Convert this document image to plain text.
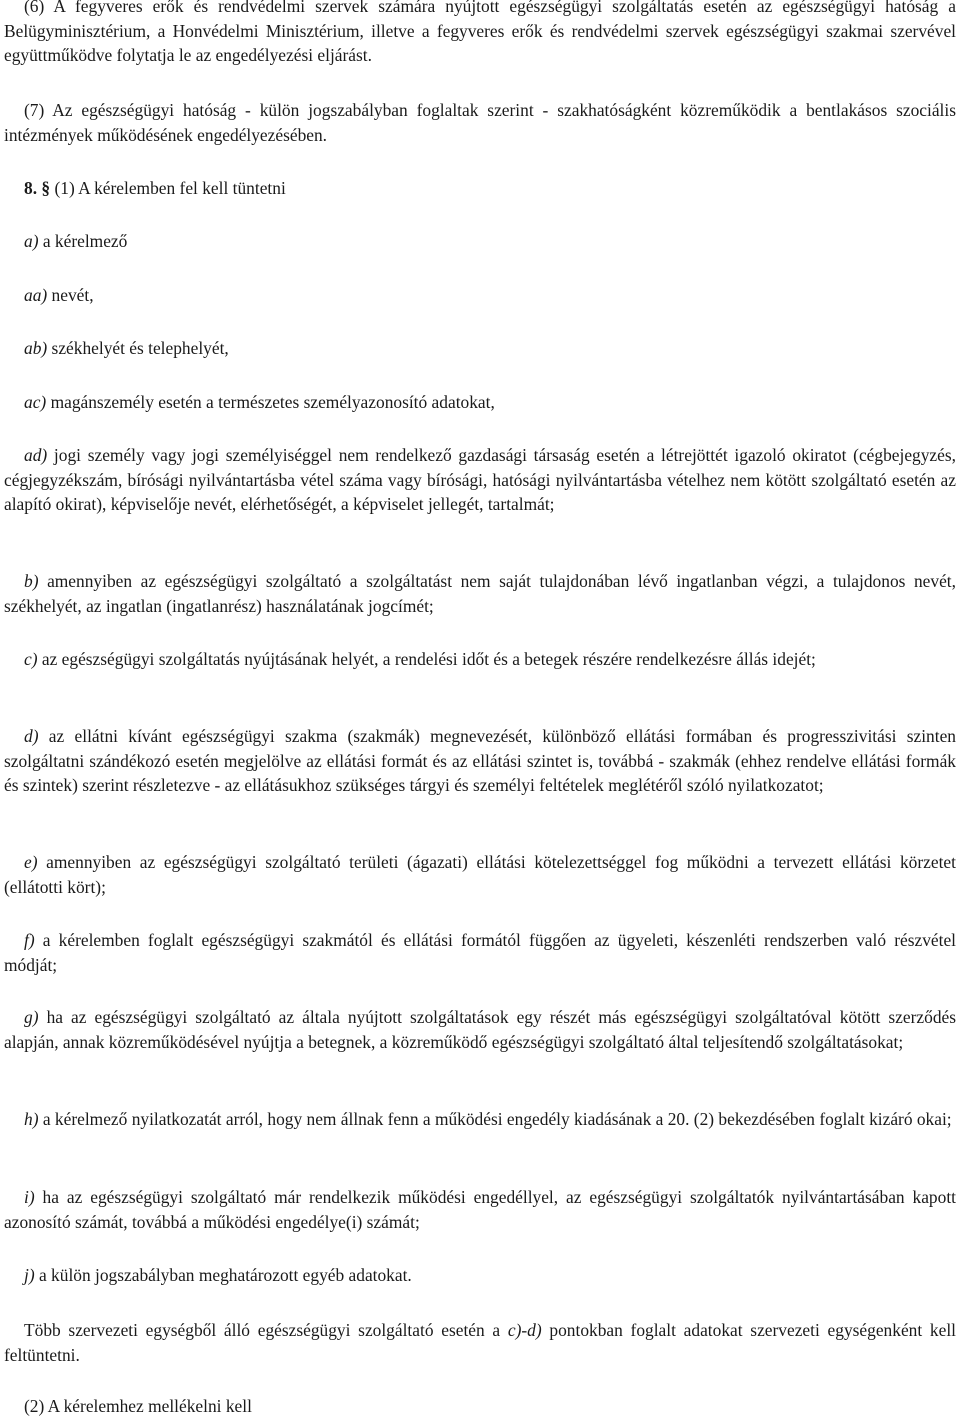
(6) A fegyveres erők és rendvédelmi szervek számára nyújtott egészségügyi szolgáltatás esetén az egészségügyi hatóság a Belügyminisztérium, a Honvédelmi Minisztérium, illetve a fegyveres erők és rendvédelmi szervek egészségügyi szakmai szervével együttműködve folytatja le az engedélyezési eljárást.

(7) Az egészségügyi hatóság - külön jogszabályban foglaltak szerint - szakhatóságként közreműködik a bentlakásos szociális intézmények működésének engedélyezésében.

8. § (1) A kérelemben fel kell tüntetni

a) a kérelmező

aa) nevét,

ab) székhelyét és telephelyét,

ac) magánszemély esetén a természetes személyazonosító adatokat,

ad) jogi személy vagy jogi személyiséggel nem rendelkező gazdasági társaság esetén a létrejöttét igazoló okiratot (cégbejegyzés, cégjegyzékszám, bírósági nyilvántartásba vétel száma vagy bírósági, hatósági nyilvántartásba vételhez nem kötött szolgáltató esetén az alapító okirat), képviselője nevét, elérhetőségét, a képviselet jellegét, tartalmát;

b) amennyiben az egészségügyi szolgáltató a szolgáltatást nem saját tulajdonában lévő ingatlanban végzi, a tulajdonos nevét, székhelyét, az ingatlan (ingatlanrész) használatának jogcímét;

c) az egészségügyi szolgáltatás nyújtásának helyét, a rendelési időt és a betegek részére rendelkezésre állás idejét;

d) az ellátni kívánt egészségügyi szakma (szakmák) megnevezését, különböző ellátási formában és progresszivitási szinten szolgáltatni szándékozó esetén megjelölve az ellátási formát és az ellátási szintet is, továbbá - szakmák (ehhez rendelve ellátási formák és szintek) szerint részletezve - az ellátásukhoz szükséges tárgyi és személyi feltételek meglétéről szóló nyilatkozatot;

e) amennyiben az egészségügyi szolgáltató területi (ágazati) ellátási kötelezettséggel fog működni a tervezett ellátási körzetet (ellátotti kört);

f) a kérelemben foglalt egészségügyi szakmától és ellátási formától függően az ügyeleti, készenléti rendszerben való részvétel módját;

g) ha az egészségügyi szolgáltató az általa nyújtott szolgáltatások egy részét más egészségügyi szolgáltatóval kötött szerződés alapján, annak közreműködésével nyújtja a betegnek, a közreműködő egészségügyi szolgáltató által teljesítendő szolgáltatásokat;

h) a kérelmező nyilatkozatát arról, hogy nem állnak fenn a működési engedély kiadásának a 20. (2) bekezdésében foglalt kizáró okai;

i) ha az egészségügyi szolgáltató már rendelkezik működési engedéllyel, az egészségügyi szolgáltatók nyilvántartásában kapott azonosító számát, továbbá a működési engedélye(i) számát;

j) a külön jogszabályban meghatározott egyéb adatokat.

Több szervezeti egységből álló egészségügyi szolgáltató esetén a c)-d) pontokban foglalt adatokat szervezeti egységenként kell feltüntetni.

(2) A kérelemhez mellékelni kell
